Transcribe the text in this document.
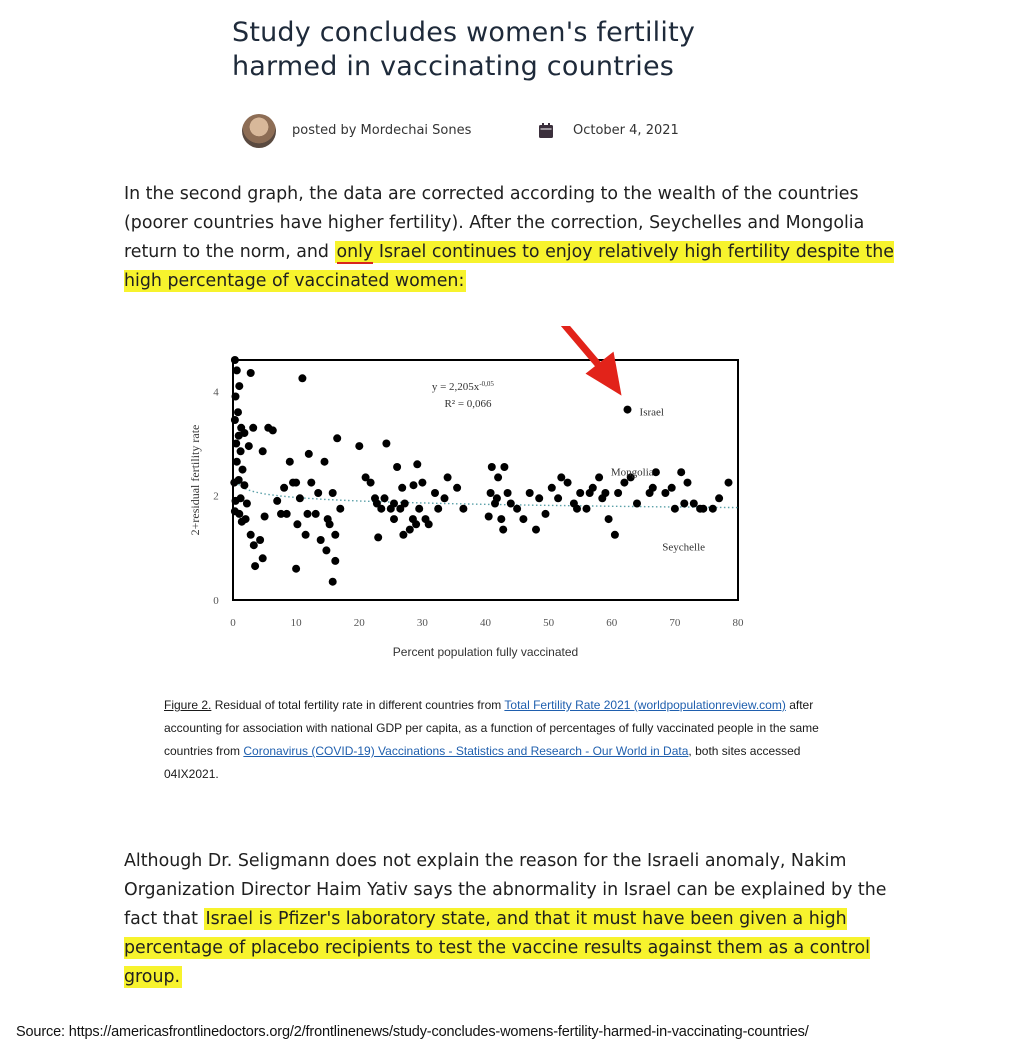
Study concludes women's fertility
harmed in vaccinating countries
posted by Mordechai Sones	October 4, 2021

In the second graph, the data are corrected according to the wealth of the countries (poorer countries have higher fertility). After the correction, Seychelles and Mongolia return to the norm, and only Israel continues to enjoy relatively high fertility despite the high percentage of vaccinated women:

0	10	20	30	40	50	60	70	80
0
2
4
Percent population fully vaccinated
2+residual fertility rate
$y = 2,205x^{-0,05}$
R² = 0,066
Israel
Mongolia
Seychelle
Figure 2. Residual of total fertility rate in different countries from Total Fertility Rate 2021 (worldpopulationreview.com) after accounting for association with national GDP per capita, as a function of percentages of fully vaccinated people in the same countries from Coronavirus (COVID-19) Vaccinations - Statistics and Research - Our World in Data, both sites accessed 04IX2021.

Although Dr. Seligmann does not explain the reason for the Israeli anomaly, Nakim Organization Director Haim Yativ says the abnormality in Israel can be explained by the fact that Israel is Pfizer's laboratory state, and that it must have been given a high percentage of placebo recipients to test the vaccine results against them as a control group.

Source: https://americasfrontlinedoctors.org/2/frontlinenews/study-concludes-womens-fertility-harmed-in-vaccinating-countries/
